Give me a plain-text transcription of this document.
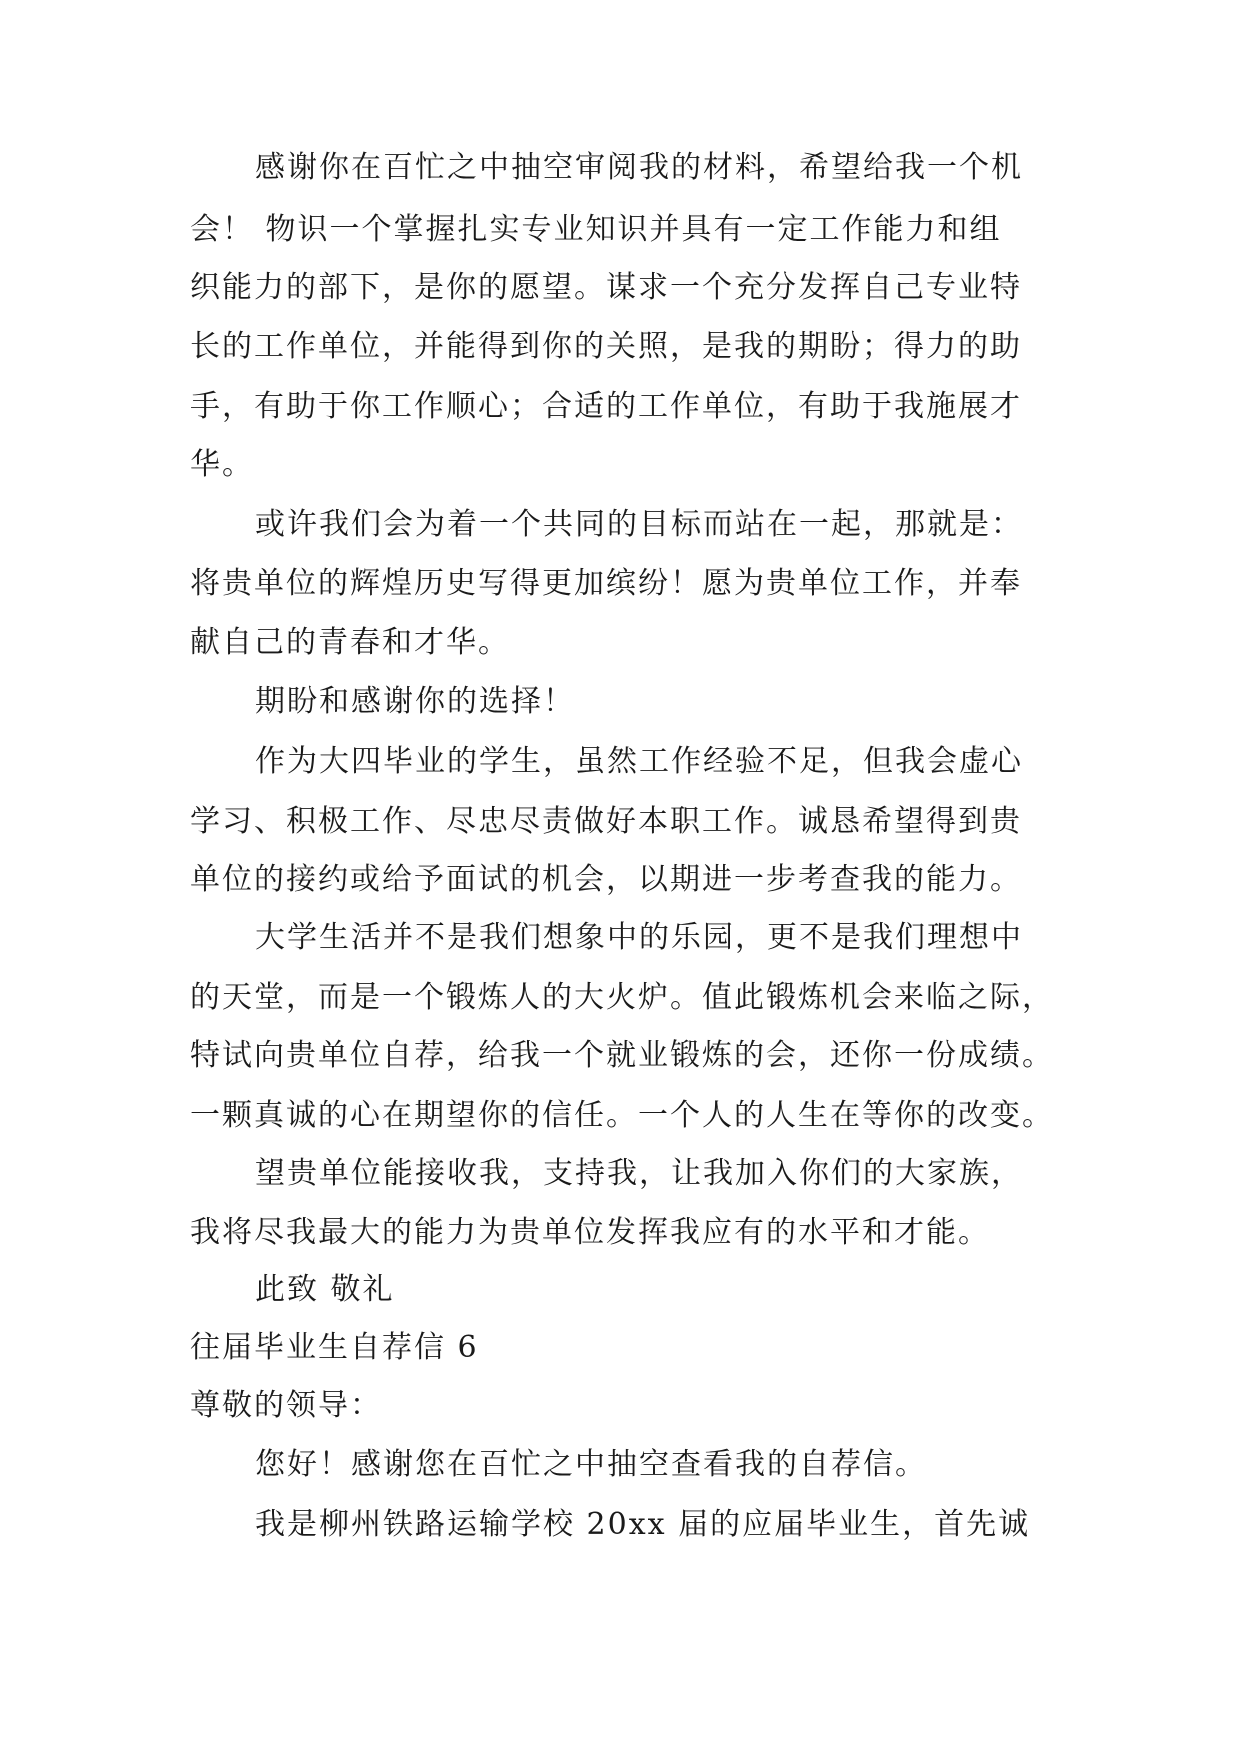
感谢你在百忙之中抽空审阅我的材料，希望给我一个机
会！ 物识一个掌握扎实专业知识并具有一定工作能力和组
织能力的部下，是你的愿望。谋求一个充分发挥自己专业特
长的工作单位，并能得到你的关照，是我的期盼；得力的助
手，有助于你工作顺心；合适的工作单位，有助于我施展才
华。
或许我们会为着一个共同的目标而站在一起，那就是：
将贵单位的辉煌历史写得更加缤纷！愿为贵单位工作，并奉
献自己的青春和才华。
期盼和感谢你的选择！
作为大四毕业的学生，虽然工作经验不足，但我会虚心
学习、积极工作、尽忠尽责做好本职工作。诚恳希望得到贵
单位的接约或给予面试的机会，以期进一步考查我的能力。
大学生活并不是我们想象中的乐园，更不是我们理想中
的天堂，而是一个锻炼人的大火炉。值此锻炼机会来临之际，
特试向贵单位自荐，给我一个就业锻炼的会，还你一份成绩。
一颗真诚的心在期望你的信任。一个人的人生在等你的改变。
望贵单位能接收我，支持我，让我加入你们的大家族，
我将尽我最大的能力为贵单位发挥我应有的水平和才能。
此致 敬礼
往届毕业生自荐信 6
尊敬的领导：
您好！感谢您在百忙之中抽空查看我的自荐信。
我是柳州铁路运输学校 20xx 届的应届毕业生，首先诚
